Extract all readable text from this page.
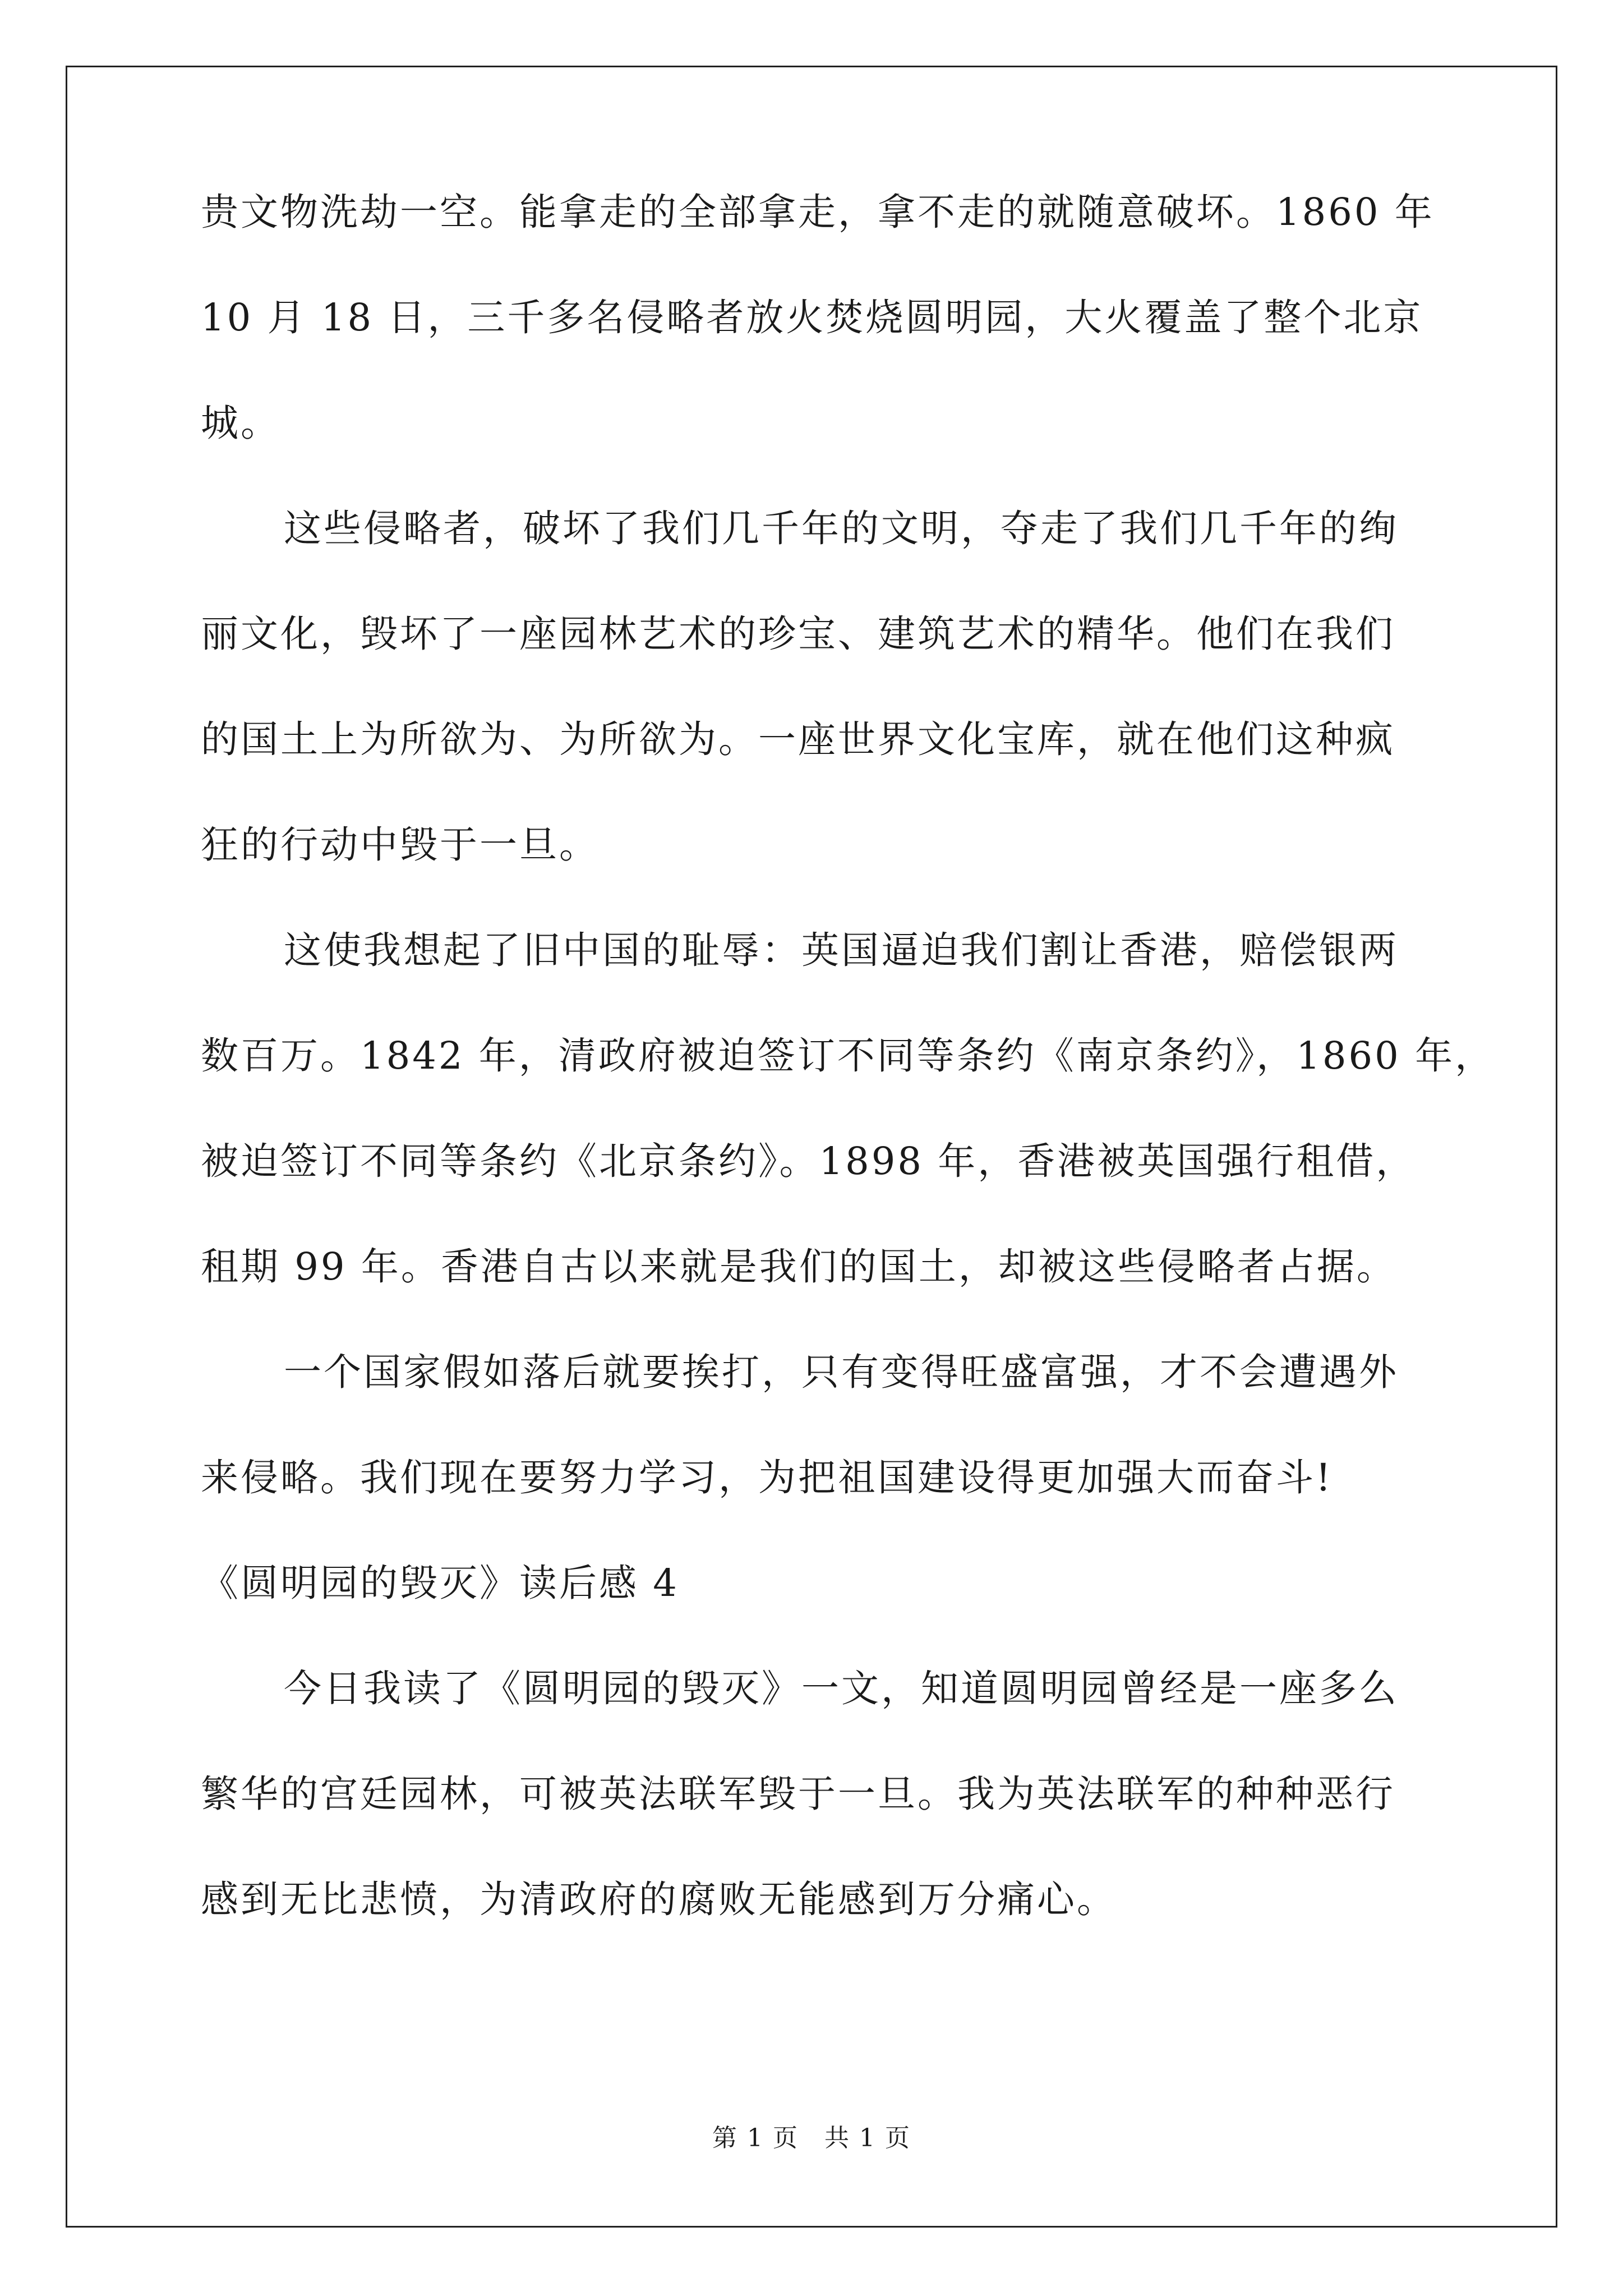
贵文物洗劫一空。能拿走的全部拿走，拿不走的就随意破坏。1860 年

10 月 18 日，三千多名侵略者放火焚烧圆明园，大火覆盖了整个北京

城。

这些侵略者，破坏了我们几千年的文明，夺走了我们几千年的绚

丽文化，毁坏了一座园林艺术的珍宝、建筑艺术的精华。他们在我们

的国土上为所欲为、为所欲为。一座世界文化宝库，就在他们这种疯

狂的行动中毁于一旦。

这使我想起了旧中国的耻辱：英国逼迫我们割让香港，赔偿银两

数百万。1842 年，清政府被迫签订不同等条约《南京条约》，1860 年，

被迫签订不同等条约《北京条约》。1898 年，香港被英国强行租借，

租期 99 年。香港自古以来就是我们的国土，却被这些侵略者占据。

一个国家假如落后就要挨打，只有变得旺盛富强，才不会遭遇外

来侵略。我们现在要努力学习，为把祖国建设得更加强大而奋斗!

《圆明园的毁灭》读后感 4

今日我读了《圆明园的毁灭》一文，知道圆明园曾经是一座多么

繁华的宫廷园林，可被英法联军毁于一旦。我为英法联军的种种恶行

感到无比悲愤，为清政府的腐败无能感到万分痛心。

第 1 页　共 1 页
